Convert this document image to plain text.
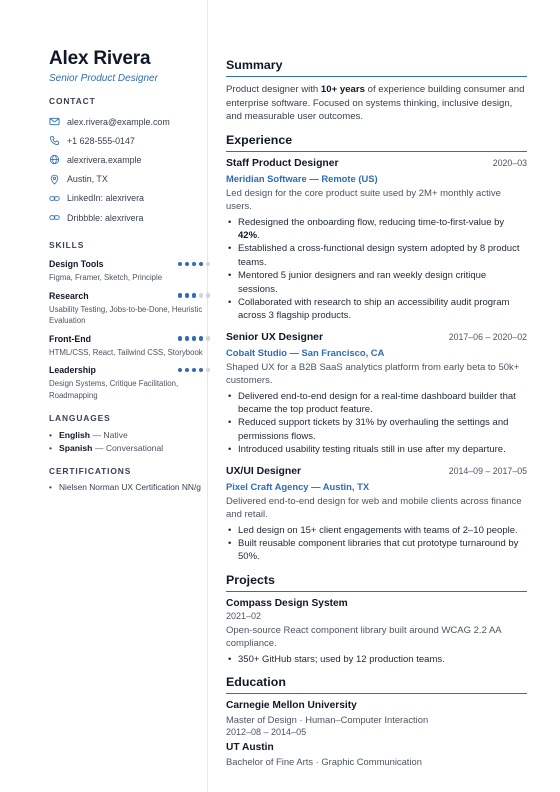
Alex Rivera
Senior Product Designer
CONTACT
alex.rivera@example.com
+1 628-555-0147
alexrivera.example
Austin, TX
LinkedIn: alexrivera
Dribbble: alexrivera
SKILLS
Design Tools
Figma, Framer, Sketch, Principle
Research
Usability Testing, Jobs-to-be-Done, Heuristic Evaluation
Front-End
HTML/CSS, React, Tailwind CSS, Storybook
Leadership
Design Systems, Critique Facilitation, Roadmapping
LANGUAGES
• English — Native
• Spanish — Conversational
CERTIFICATIONS
• Nielsen Norman UX Certification NN/g
Summary
Product designer with 10+ years of experience building consumer and enterprise software. Focused on systems thinking, inclusive design, and measurable user outcomes.
Experience
Staff Product Designer	2020–03
Meridian Software — Remote (US)
Led design for the core product suite used by 2M+ monthly active users.
• Redesigned the onboarding flow, reducing time-to-first-value by 42%.
• Established a cross-functional design system adopted by 8 product teams.
• Mentored 5 junior designers and ran weekly design critique sessions.
• Collaborated with research to ship an accessibility audit program across 3 flagship products.
Senior UX Designer	2017–06 – 2020–02
Cobalt Studio — San Francisco, CA
Shaped UX for a B2B SaaS analytics platform from early beta to 50k+ customers.
• Delivered end-to-end design for a real-time dashboard builder that became the top product feature.
• Reduced support tickets by 31% by overhauling the settings and permissions flows.
• Introduced usability testing rituals still in use after my departure.
UX/UI Designer	2014–09 – 2017–05
Pixel Craft Agency — Austin, TX
Delivered end-to-end design for web and mobile clients across finance and retail.
• Led design on 15+ client engagements with teams of 2–10 people.
• Built reusable component libraries that cut prototype turnaround by 50%.
Projects
Compass Design System
2021–02
Open-source React component library built around WCAG 2.2 AA compliance.
• 350+ GitHub stars; used by 12 production teams.
Education
Carnegie Mellon University
Master of Design · Human–Computer Interaction
2012–08 – 2014–05
UT Austin
Bachelor of Fine Arts · Graphic Communication
